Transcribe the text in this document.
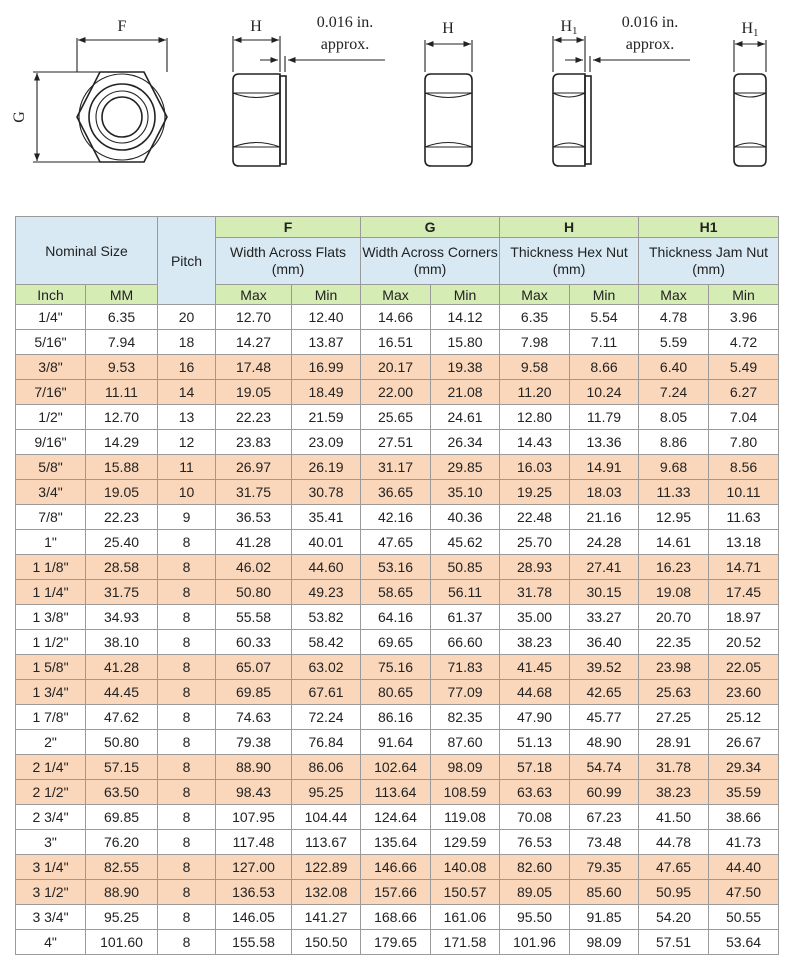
F
G
H	0.016 in.
approx.
H	H1	0.016 in.
approx.
H1
Nominal Size		Pitch	F		G		H		H1	
			Width Across Flats (mm)		Width Across Corners (mm)		Thickness Hex Nut (mm)		Thickness Jam Nut (mm)	
Inch	MM		Max	Min	Max	Min	Max	Min	Max	Min
1/4"	6.35	20	12.70	12.40	14.66	14.12	6.35	5.54	4.78	3.96
5/16"	7.94	18	14.27	13.87	16.51	15.80	7.98	7.11	5.59	4.72
3/8"	9.53	16	17.48	16.99	20.17	19.38	9.58	8.66	6.40	5.49
7/16"	11.11	14	19.05	18.49	22.00	21.08	11.20	10.24	7.24	6.27
1/2"	12.70	13	22.23	21.59	25.65	24.61	12.80	11.79	8.05	7.04
9/16"	14.29	12	23.83	23.09	27.51	26.34	14.43	13.36	8.86	7.80
5/8"	15.88	11	26.97	26.19	31.17	29.85	16.03	14.91	9.68	8.56
3/4"	19.05	10	31.75	30.78	36.65	35.10	19.25	18.03	11.33	10.11
7/8"	22.23	9	36.53	35.41	42.16	40.36	22.48	21.16	12.95	11.63
1"	25.40	8	41.28	40.01	47.65	45.62	25.70	24.28	14.61	13.18
1 1/8"	28.58	8	46.02	44.60	53.16	50.85	28.93	27.41	16.23	14.71
1 1/4"	31.75	8	50.80	49.23	58.65	56.11	31.78	30.15	19.08	17.45
1 3/8"	34.93	8	55.58	53.82	64.16	61.37	35.00	33.27	20.70	18.97
1 1/2"	38.10	8	60.33	58.42	69.65	66.60	38.23	36.40	22.35	20.52
1 5/8"	41.28	8	65.07	63.02	75.16	71.83	41.45	39.52	23.98	22.05
1 3/4"	44.45	8	69.85	67.61	80.65	77.09	44.68	42.65	25.63	23.60
1 7/8"	47.62	8	74.63	72.24	86.16	82.35	47.90	45.77	27.25	25.12
2"	50.80	8	79.38	76.84	91.64	87.60	51.13	48.90	28.91	26.67
2 1/4"	57.15	8	88.90	86.06	102.64	98.09	57.18	54.74	31.78	29.34
2 1/2"	63.50	8	98.43	95.25	113.64	108.59	63.63	60.99	38.23	35.59
2 3/4"	69.85	8	107.95	104.44	124.64	119.08	70.08	67.23	41.50	38.66
3"	76.20	8	117.48	113.67	135.64	129.59	76.53	73.48	44.78	41.73
3 1/4"	82.55	8	127.00	122.89	146.66	140.08	82.60	79.35	47.65	44.40
3 1/2"	88.90	8	136.53	132.08	157.66	150.57	89.05	85.60	50.95	47.50
3 3/4"	95.25	8	146.05	141.27	168.66	161.06	95.50	91.85	54.20	50.55
4"	101.60	8	155.58	150.50	179.65	171.58	101.96	98.09	57.51	53.64
